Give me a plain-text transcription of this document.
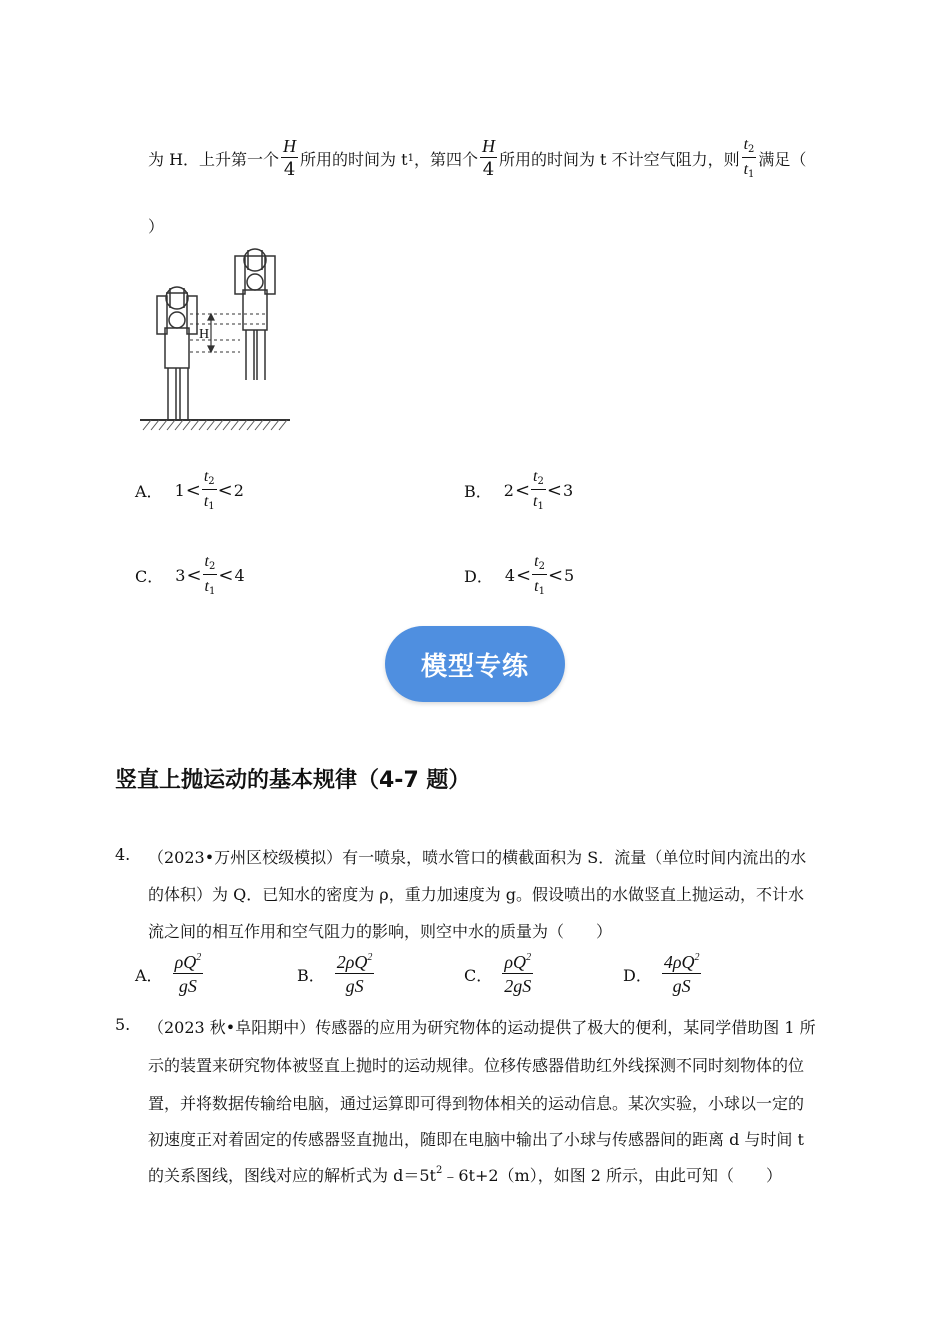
为 H．上升第一个 $\frac{H}{4}$ 所用的时间为 t 1 ，第四个 $\frac{H}{4}$ 所用的时间为 t 不计空气阻力，则 $\frac{t_2}{t_1}$ 满足（
）
H
A． $1 < \frac{t_2}{t_1} < 2$	B． $2 < \frac{t_2}{t_1} < 3$
C． $3 < \frac{t_2}{t_1} < 4$	D． $4 < \frac{t_2}{t_1} < 5$
模型专练
竖直上抛运动的基本规律（4-7 题）
4. （2023•万州区校级模拟）有一喷泉，喷水管口的横截面积为 S．流量（单位时间内流出的水
的体积）为 Q．已知水的密度为 ρ，重力加速度为 g。假设喷出的水做竖直上抛运动，不计水
流之间的相互作用和空气阻力的影响，则空中水的质量为（　　）
A． $\frac{\rho Q^2}{gS}$	B． $\frac{2\rho Q^2}{gS}$	C． $\frac{\rho Q^2}{2gS}$	D． $\frac{4\rho Q^2}{gS}$
5. （2023 秋•阜阳期中）传感器的应用为研究物体的运动提供了极大的便利，某同学借助图 1 所
示的装置来研究物体被竖直上抛时的运动规律。位移传感器借助红外线探测不同时刻物体的位
置，并将数据传输给电脑，通过运算即可得到物体相关的运动信息。某次实验，小球以一定的
初速度正对着固定的传感器竖直抛出，随即在电脑中输出了小球与传感器间的距离 d 与时间 t
的关系图线，图线对应的解析式为 $d=5t^2﹣6t+2(m)$，如图 2 所示，由此可知（　　）
